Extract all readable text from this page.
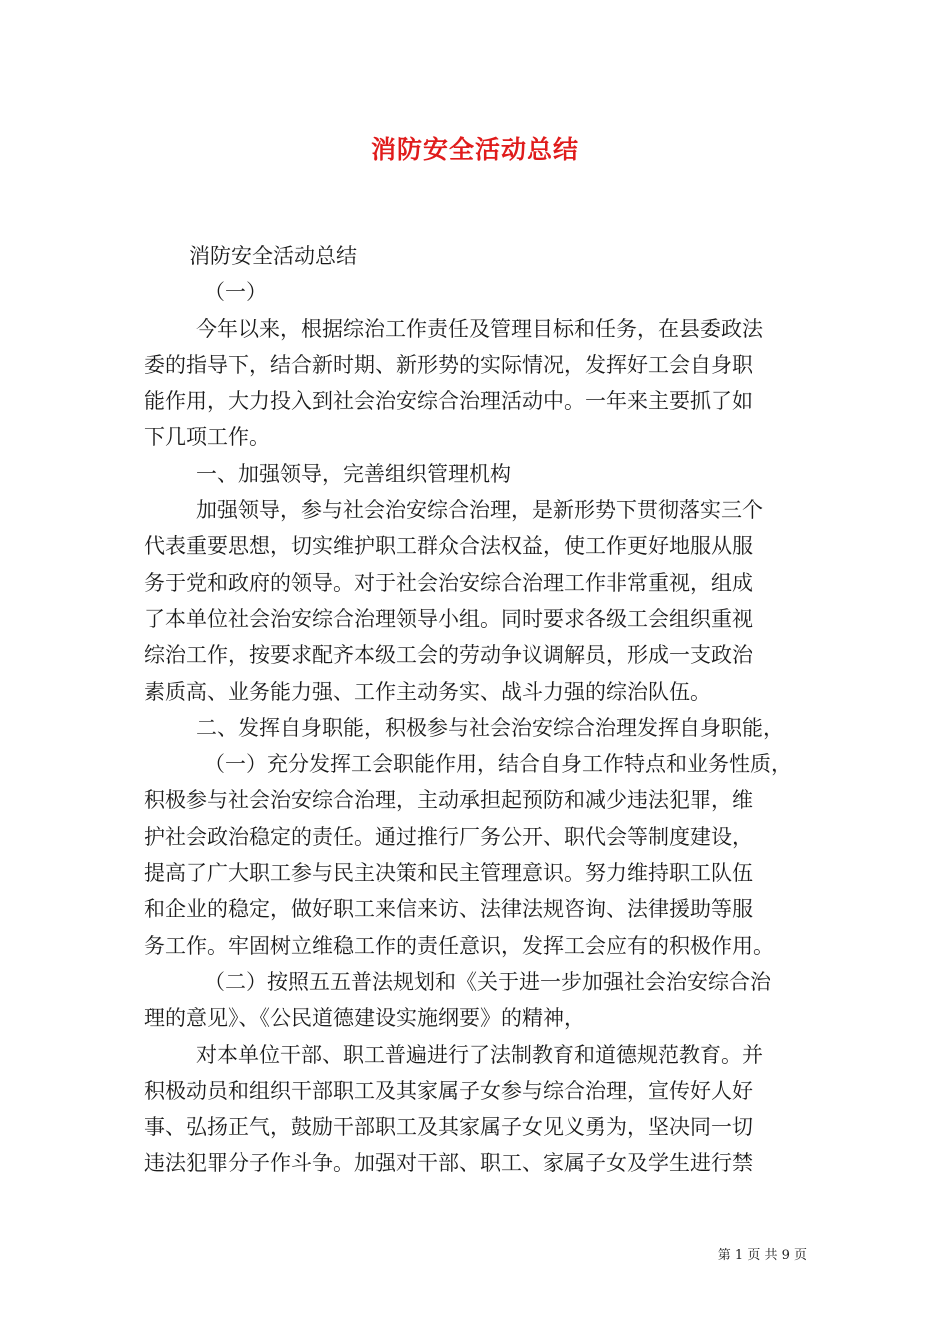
消防安全活动总结
消防安全活动总结
（一）
今年以来，根据综治工作责任及管理目标和任务，在县委政法
委的指导下，结合新时期、新形势的实际情况，发挥好工会自身职
能作用，大力投入到社会治安综合治理活动中。一年来主要抓了如
下几项工作。
一、加强领导，完善组织管理机构
加强领导，参与社会治安综合治理，是新形势下贯彻落实三个
代表重要思想，切实维护职工群众合法权益，使工作更好地服从服
务于党和政府的领导。对于社会治安综合治理工作非常重视，组成
了本单位社会治安综合治理领导小组。同时要求各级工会组织重视
综治工作，按要求配齐本级工会的劳动争议调解员，形成一支政治
素质高、业务能力强、工作主动务实、战斗力强的综治队伍。
二、发挥自身职能，积极参与社会治安综合治理发挥自身职能，
（一）充分发挥工会职能作用，结合自身工作特点和业务性质，
积极参与社会治安综合治理，主动承担起预防和减少违法犯罪，维
护社会政治稳定的责任。通过推行厂务公开、职代会等制度建设，
提高了广大职工参与民主决策和民主管理意识。努力维持职工队伍
和企业的稳定，做好职工来信来访、法律法规咨询、法律援助等服
务工作。牢固树立维稳工作的责任意识，发挥工会应有的积极作用。
（二）按照五五普法规划和《关于进一步加强社会治安综合治
理的意见》、《公民道德建设实施纲要》的精神，
对本单位干部、职工普遍进行了法制教育和道德规范教育。并
积极动员和组织干部职工及其家属子女参与综合治理，宣传好人好
事、弘扬正气，鼓励干部职工及其家属子女见义勇为，坚决同一切
违法犯罪分子作斗争。加强对干部、职工、家属子女及学生进行禁
第 1 页 共 9 页
